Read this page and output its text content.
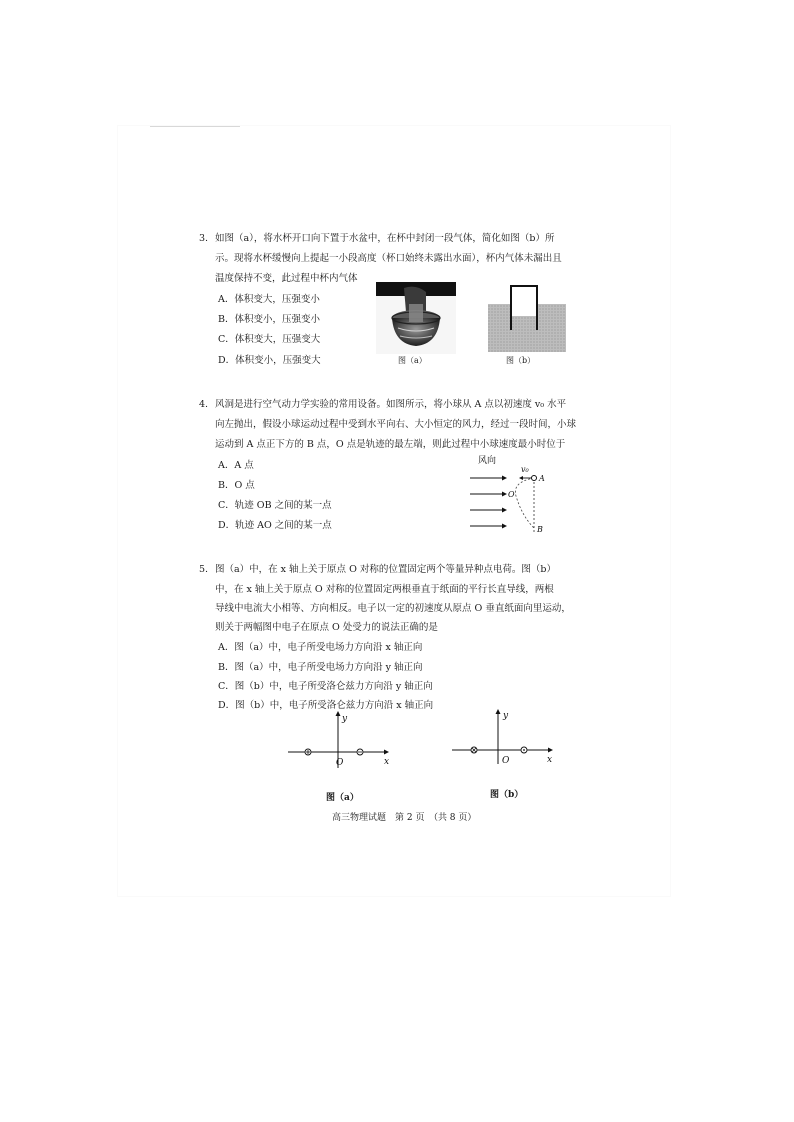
3. 如图（a），将水杯开口向下置于水盆中，在杯中封闭一段气体，简化如图（b）所
示。现将水杯缓慢向上提起一小段高度（杯口始终未露出水面），杯内气体未漏出且
温度保持不变，此过程中杯内气体
A．体积变大，压强变小
B．体积变小，压强变小
C．体积变大，压强变大
D．体积变小，压强变大	图（a）	图（b）
4. 风洞是进行空气动力学实验的常用设备。如图所示，将小球从 A 点以初速度 v₀ 水平
向左抛出，假设小球运动过程中受到水平向右、大小恒定的风力，经过一段时间，小球
运动到 A 点正下方的 B 点，O 点是轨迹的最左端，则此过程中小球速度最小时位于
A．A 点
B．O 点
C．轨迹 OB 之间的某一点
D．轨迹 AO 之间的某一点
风向
v₀
A
O
B
5. 图（a）中，在 x 轴上关于原点 O 对称的位置固定两个等量异种点电荷。图（b）
中，在 x 轴上关于原点 O 对称的位置固定两根垂直于纸面的平行长直导线，两根
导线中电流大小相等、方向相反。电子以一定的初速度从原点 O 垂直纸面向里运动，
则关于两幅图中电子在原点 O 处受力的说法正确的是
A．图（a）中，电子所受电场力方向沿 x 轴正向
B．图（a）中，电子所受电场力方向沿 y 轴正向
C．图（b）中，电子所受洛仑兹力方向沿 y 轴正向
D．图（b）中，电子所受洛仑兹力方向沿 x 轴正向
y
x
O
图（a）
y
x
O
图（b）
高三物理试题　第 2 页　（共 8 页）
